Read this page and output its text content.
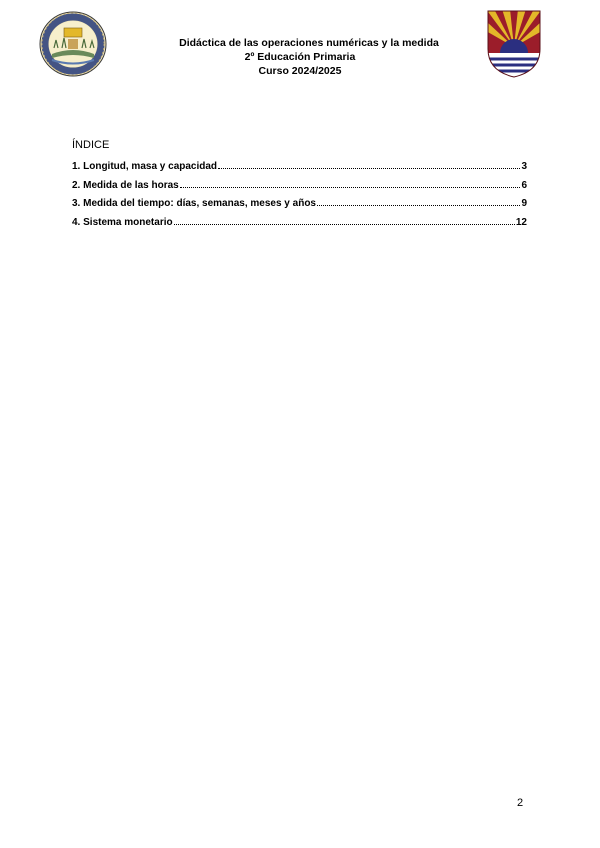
Didáctica de las operaciones numéricas y la medida
2º Educación Primaria
Curso 2024/2025
ÍNDICE
1. Longitud, masa y capacidad	3
2. Medida de las horas	6
3. Medida del tiempo: días, semanas, meses y años	9
4. Sistema monetario	12
2
